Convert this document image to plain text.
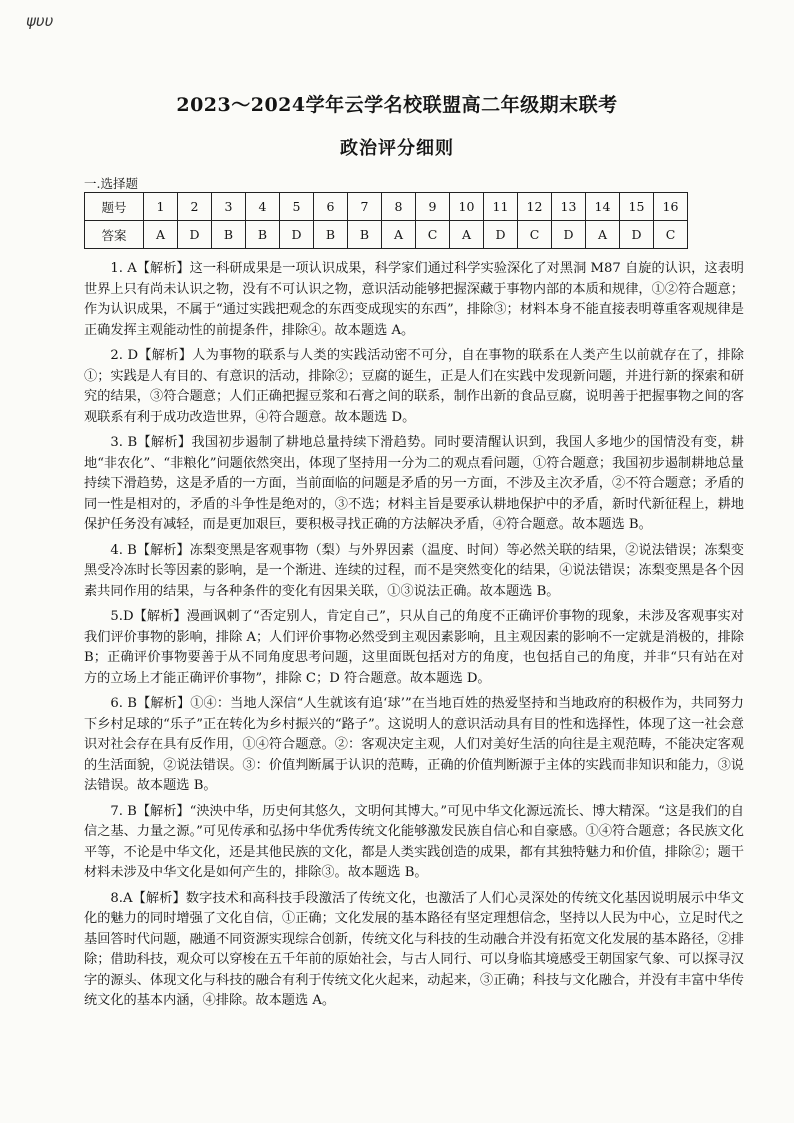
ψυυ
2023～2024学年云学名校联盟高二年级期末联考
政治评分细则
一.选择题
题号	1	2	3	4	5	6	7	8	9	10	11	12	13	14	15	16
答案	A	D	B	B	D	B	B	A	C	A	D	C	D	A	D	C

1. A【解析】这一科研成果是一项认识成果，科学家们通过科学实验深化了对黑洞 M87 自旋的认识，这表明世界上只有尚未认识之物，没有不可认识之物，意识活动能够把握深藏于事物内部的本质和规律，①②符合题意；作为认识成果，不属于“通过实践把观念的东西变成现实的东西”，排除③；材料本身不能直接表明尊重客观规律是正确发挥主观能动性的前提条件，排除④。故本题选 A。

2. D【解析】人为事物的联系与人类的实践活动密不可分，自在事物的联系在人类产生以前就存在了，排除①；实践是人有目的、有意识的活动，排除②；豆腐的诞生，正是人们在实践中发现新问题，并进行新的探索和研究的结果，③符合题意；人们正确把握豆浆和石膏之间的联系，制作出新的食品豆腐，说明善于把握事物之间的客观联系有利于成功改造世界，④符合题意。故本题选 D。

3. B【解析】我国初步遏制了耕地总量持续下滑趋势。同时要清醒认识到，我国人多地少的国情没有变，耕地“非农化”、“非粮化”问题依然突出，体现了坚持用一分为二的观点看问题，①符合题意；我国初步遏制耕地总量持续下滑趋势，这是矛盾的一方面，当前面临的问题是矛盾的另一方面，不涉及主次矛盾，②不符合题意；矛盾的同一性是相对的，矛盾的斗争性是绝对的，③不选；材料主旨是要承认耕地保护中的矛盾，新时代新征程上，耕地保护任务没有减轻，而是更加艰巨，要积极寻找正确的方法解决矛盾，④符合题意。故本题选 B。

4. B【解析】冻梨变黑是客观事物（梨）与外界因素（温度、时间）等必然关联的结果，②说法错误；冻梨变黑受冷冻时长等因素的影响，是一个渐进、连续的过程，而不是突然变化的结果，④说法错误；冻梨变黑是各个因素共同作用的结果，与各种条件的变化有因果关联，①③说法正确。故本题选 B。

5.D【解析】漫画讽刺了“否定别人，肯定自己”，只从自己的角度不正确评价事物的现象，未涉及客观事实对我们评价事物的影响，排除 A；人们评价事物必然受到主观因素影响，且主观因素的影响不一定就是消极的，排除 B；正确评价事物要善于从不同角度思考问题，这里面既包括对方的角度，也包括自己的角度，并非“只有站在对方的立场上才能正确评价事物”，排除 C；D 符合题意。故本题选 D。

6. B【解析】①④：当地人深信“人生就该有追‘球’”在当地百姓的热爱坚持和当地政府的积极作为，共同努力下乡村足球的“乐子”正在转化为乡村振兴的“路子”。这说明人的意识活动具有目的性和选择性，体现了这一社会意识对社会存在具有反作用，①④符合题意。②：客观决定主观，人们对美好生活的向往是主观范畴，不能决定客观的生活面貌，②说法错误。③：价值判断属于认识的范畴，正确的价值判断源于主体的实践而非知识和能力，③说法错误。故本题选 B。

7. B【解析】“泱泱中华，历史何其悠久，文明何其博大。”可见中华文化源远流长、博大精深。“这是我们的自信之基、力量之源。”可见传承和弘扬中华优秀传统文化能够激发民族自信心和自豪感。①④符合题意；各民族文化平等，不论是中华文化，还是其他民族的文化，都是人类实践创造的成果，都有其独特魅力和价值，排除②；题干材料未涉及中华文化是如何产生的，排除③。故本题选 B。

8.A【解析】数字技术和高科技手段激活了传统文化，也激活了人们心灵深处的传统文化基因说明展示中华文化的魅力的同时增强了文化自信，①正确；文化发展的基本路径有坚定理想信念，坚持以人民为中心，立足时代之基回答时代问题，融通不同资源实现综合创新，传统文化与科技的生动融合并没有拓宽文化发展的基本路径，②排除；借助科技，观众可以穿梭在五千年前的原始社会，与古人同行、可以身临其境感受王朝国家气象、可以探寻汉字的源头、体现文化与科技的融合有利于传统文化火起来，动起来，③正确；科技与文化融合，并没有丰富中华传统文化的基本内涵，④排除。故本题选 A。
